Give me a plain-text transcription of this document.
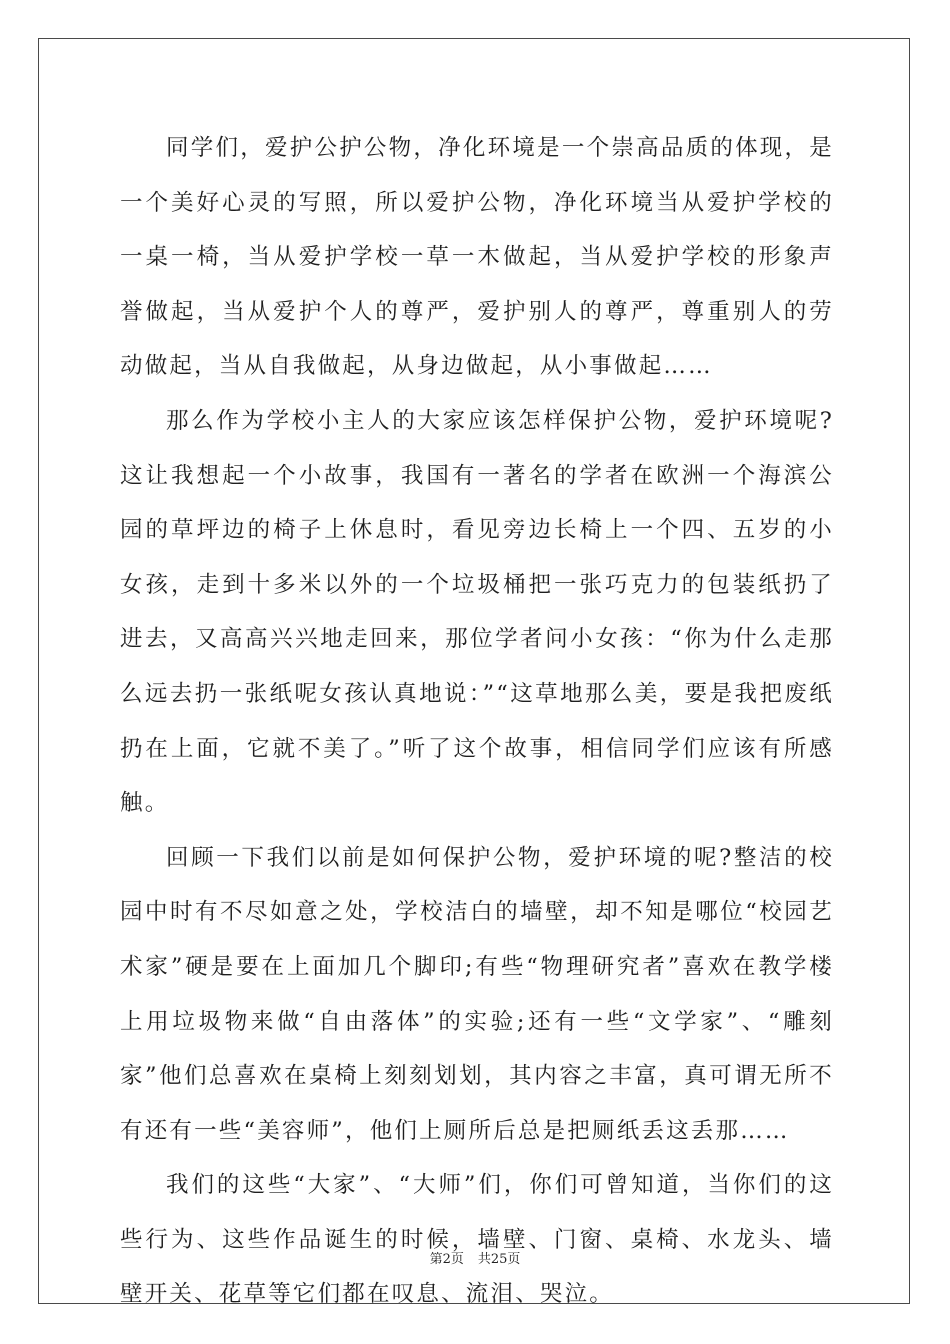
同学们，爱护公护公物，净化环境是一个崇高品质的体现，是一个美好心灵的写照，所以爱护公物，净化环境当从爱护学校的一桌一椅，当从爱护学校一草一木做起，当从爱护学校的形象声誉做起，当从爱护个人的尊严，爱护别人的尊严，尊重别人的劳动做起，当从自我做起，从身边做起，从小事做起……

那么作为学校小主人的大家应该怎样保护公物，爱护环境呢?这让我想起一个小故事，我国有一著名的学者在欧洲一个海滨公园的草坪边的椅子上休息时，看见旁边长椅上一个四、五岁的小女孩，走到十多米以外的一个垃圾桶把一张巧克力的包装纸扔了进去，又高高兴兴地走回来，那位学者问小女孩：“你为什么走那么远去扔一张纸呢女孩认真地说：”“这草地那么美，要是我把废纸扔在上面，它就不美了。”听了这个故事，相信同学们应该有所感触。

回顾一下我们以前是如何保护公物，爱护环境的呢?整洁的校园中时有不尽如意之处，学校洁白的墙壁，却不知是哪位“校园艺术家”硬是要在上面加几个脚印;有些“物理研究者”喜欢在教学楼上用垃圾物来做“自由落体”的实验;还有一些“文学家”、“雕刻家”他们总喜欢在桌椅上刻刻划划，其内容之丰富，真可谓无所不有还有一些“美容师”，他们上厕所后总是把厕纸丢这丢那……

我们的这些“大家”、“大师”们，你们可曾知道，当你们的这些行为、这些作品诞生的时候，墙壁、门窗、桌椅、水龙头、墙壁开关、花草等它们都在叹息、流泪、哭泣。

第2页 共25页
